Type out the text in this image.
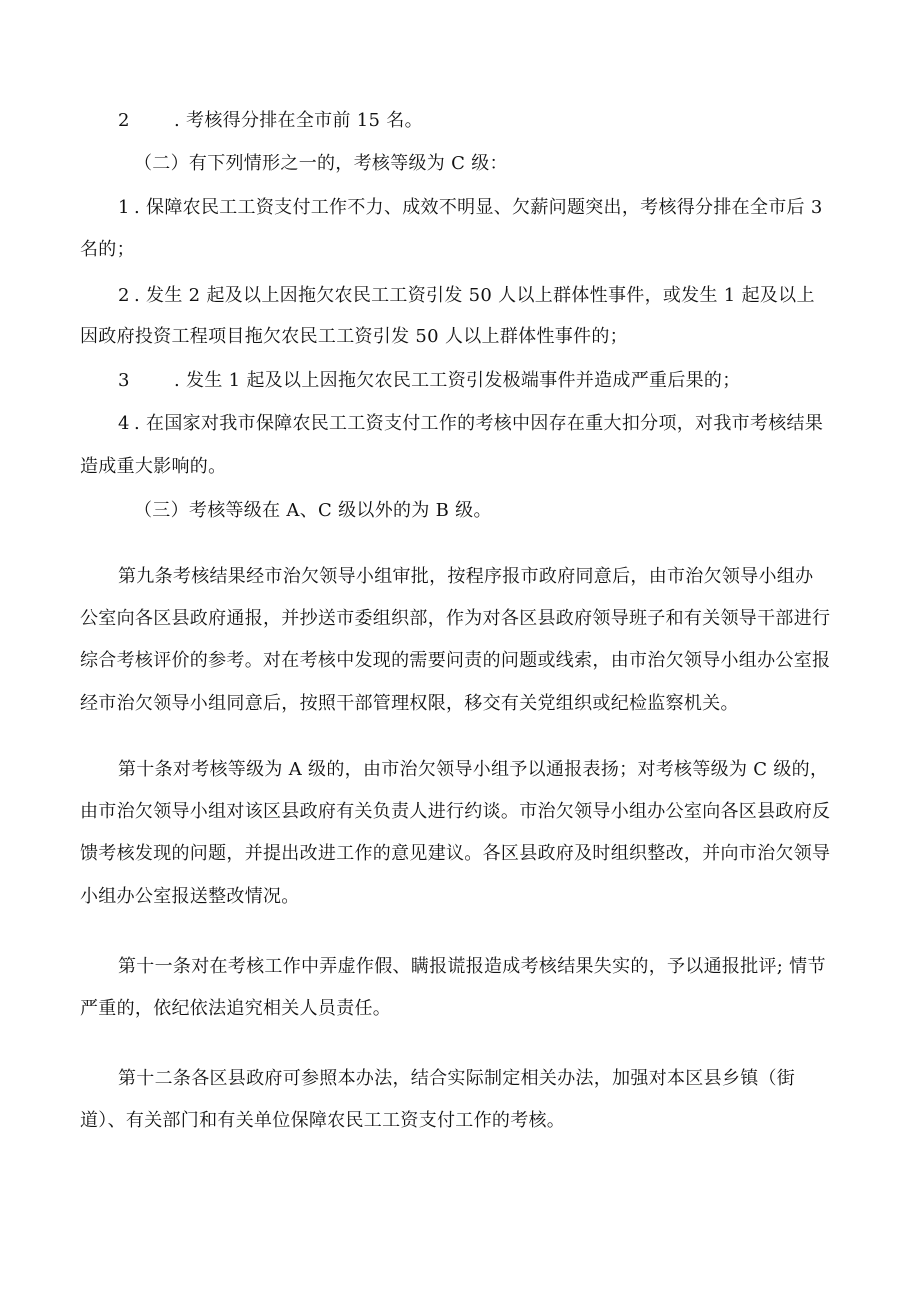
2 . 考核得分排在全市前 15 名。
（二）有下列情形之一的，考核等级为 C 级：
1 . 保障农民工工资支付工作不力、成效不明显、欠薪问题突出，考核得分排在全市后 3
名的；
2 . 发生 2 起及以上因拖欠农民工工资引发 50 人以上群体性事件，或发生 1 起及以上
因政府投资工程项目拖欠农民工工资引发 50 人以上群体性事件的；
3 . 发生 1 起及以上因拖欠农民工工资引发极端事件并造成严重后果的；
4 . 在国家对我市保障农民工工资支付工作的考核中因存在重大扣分项，对我市考核结果
造成重大影响的。
（三）考核等级在 A、C 级以外的为 B 级。
第九条考核结果经市治欠领导小组审批，按程序报市政府同意后，由市治欠领导小组办
公室向各区县政府通报，并抄送市委组织部，作为对各区县政府领导班子和有关领导干部进行
综合考核评价的参考。对在考核中发现的需要问责的问题或线索，由市治欠领导小组办公室报
经市治欠领导小组同意后，按照干部管理权限，移交有关党组织或纪检监察机关。
第十条对考核等级为 A 级的，由市治欠领导小组予以通报表扬；对考核等级为 C 级的，
由市治欠领导小组对该区县政府有关负责人进行约谈。市治欠领导小组办公室向各区县政府反
馈考核发现的问题，并提出改进工作的意见建议。各区县政府及时组织整改，并向市治欠领导
小组办公室报送整改情况。
第十一条对在考核工作中弄虚作假、瞒报谎报造成考核结果失实的，予以通报批评; 情节
严重的，依纪依法追究相关人员责任。
第十二条各区县政府可参照本办法，结合实际制定相关办法，加强对本区县乡镇（街
道）、有关部门和有关单位保障农民工工资支付工作的考核。
